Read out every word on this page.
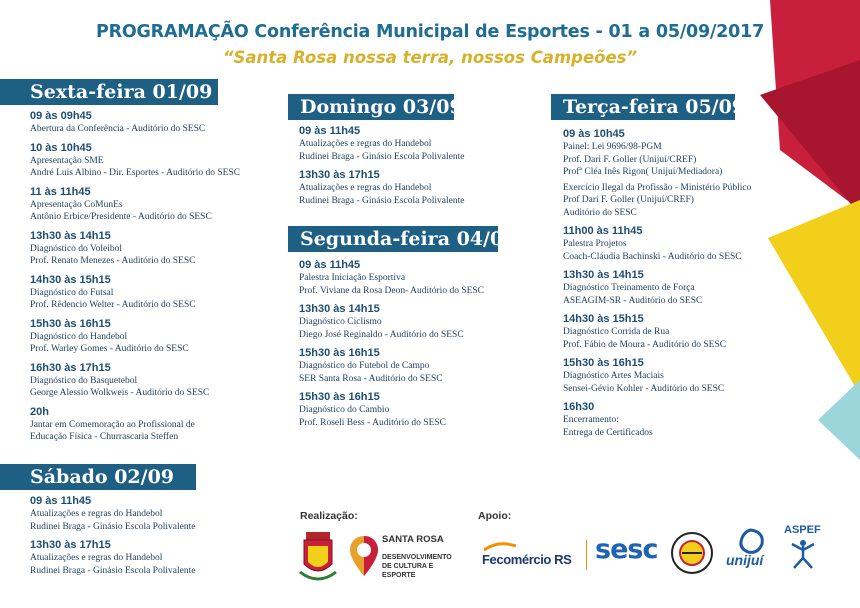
PROGRAMAÇÃO Conferência Municipal de Esportes - 01 a 05/09/2017
“Santa Rosa nossa terra, nossos Campeões”
Sexta-feira 01/09
09 às 09h45
Abertura da Conferência - Auditório do SESC
10 às 10h45
Apresentação SME
André Luis Albino - Dir. Esportes - Auditório do SESC
11 às 11h45
Apresentação CoMunEs
Antônio Erbice/Presidente - Auditório do SESC
13h30 às 14h15
Diagnóstico do Voleibol
Prof. Renato Menezes - Auditório do SESC
14h30 às 15h15
Diagnóstico do Futsal
Prof. Rêdencio Welter - Auditório do SESC
15h30 às 16h15
Diagnóstico do Handebol
Prof. Warley Gomes - Auditório do SESC
16h30 às 17h15
Diagnóstico do Basquetebol
George Alessio Wolkweis - Auditório do SESC
20h
Jantar em Comemoração ao Profissional de
Educação Física - Churrascaria Steffen
Sábado 02/09
09 às 11h45
Atualizações e regras do Handebol
Rudinei Braga - Ginásio Escola Polivalente
13h30 às 17h15
Atualizações e regras do Handebol
Rudinei Braga - Ginásio Escola Polivalente
Domingo 03/09
09 às 11h45
Atualizações e regras do Handebol
Rudinei Braga - Ginásio Escola Polivalente
13h30 às 17h15
Atualizações e regras do Handebol
Rudinei Braga - Ginásio Escola Polivalente
Segunda-feira 04/09
09 às 11h45
Palestra Iniciação Esportiva
Prof. Viviane da Rosa Deon- Auditório do SESC
13h30 às 14h15
Diagnóstico Ciclismo
Diego José Reginaldo - Auditório do SESC
15h30 às 16h15
Diagnóstico do Futebol de Campo
SER Santa Rosa - Auditório do SESC
15h30 às 16h15
Diagnóstico do Cambio
Prof. Roseli Bess - Auditório do SESC
Terça-feira 05/09
09 às 10h45
Painel: Lei 9696/98-PGM
Prof. Dari F. Goller (Unijuí/CREF)
Profª Cléa Inês Rigon( Unijuí/Mediadora)
Exercício Ilegal da Profissão - Ministério Público
Prof Dari F. Goller (Unijuí/CREF)
Auditório do SESC
11h00 às 11h45
Palestra Projetos
Coach-Cláudia Bachinski - Auditório do SESC
13h30 às 14h15
Diagnóstico Treinamento de Força
ASEAGIM-SR - Auditório do SESC
14h30 às 15h15
Diagnóstico Corrida de Rua
Prof. Fábio de Moura - Auditório do SESC
15h30 às 16h15
Diagnóstico Artes Maciais
Sensei-Gévio Kohler - Auditório do SESC
16h30
Encerramento:
Entrega de Certificados
Realização:	Apoio:
SANTA ROSA
DESENVOLVIMENTO
DE CULTURA E
ESPORTE
Fecomércio RS sesc	unijuí
ASPEF
